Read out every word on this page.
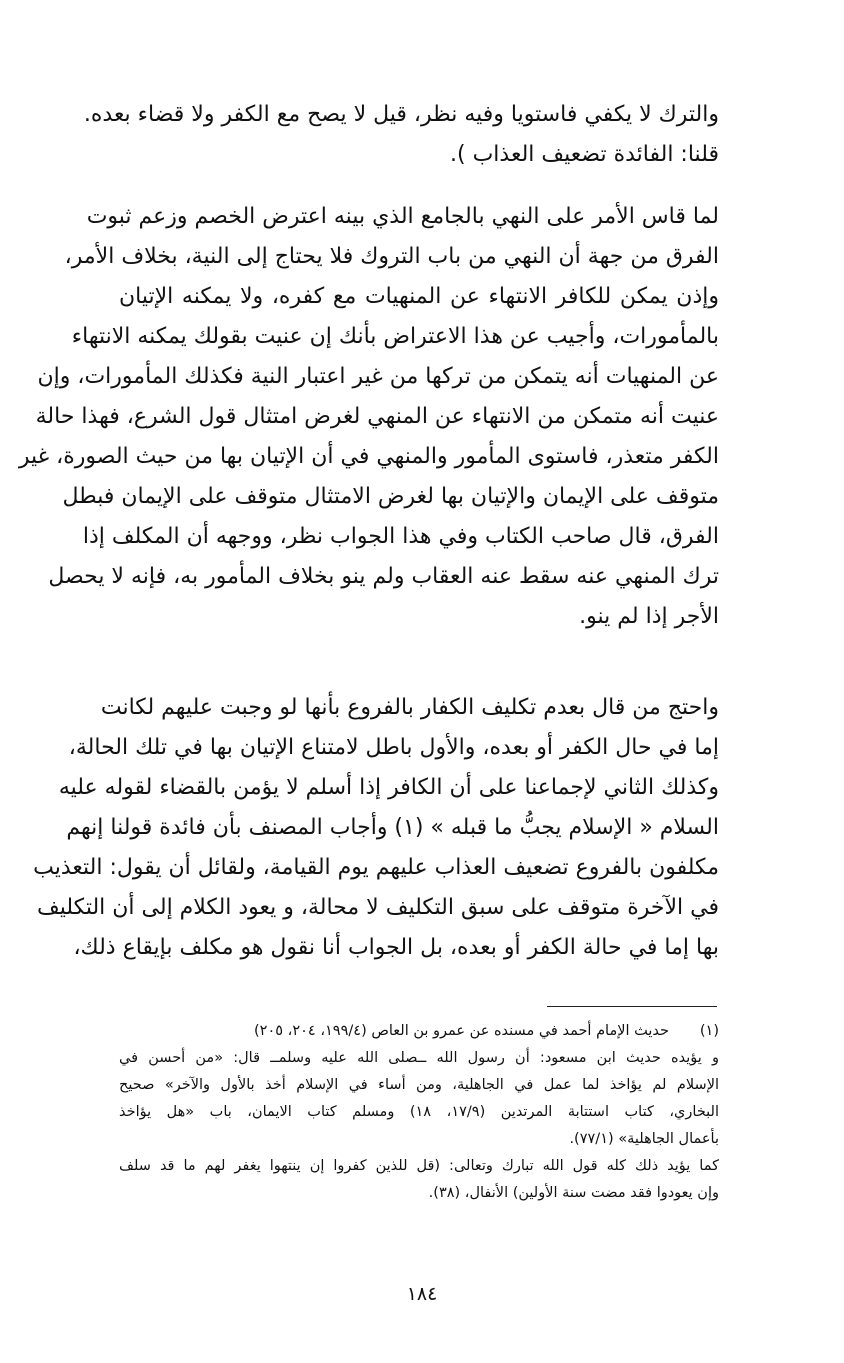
والترك لا يكفي فاستويا وفيه نظر، قيل لا يصح مع الكفر ولا قضاء بعده.
قلنا: الفائدة تضعيف العذاب ).
لما قاس الأمر على النهي بالجامع الذي بينه اعترض الخصم وزعم ثبوت
الفرق من جهة أن النهي من باب التروك فلا يحتاج إلى النية، بخلاف الأمر،
وإذن يمكن للكافر الانتهاء عن المنهيات مع كفره، ولا يمكنه الإتيان
بالمأمورات، وأجيب عن هذا الاعتراض بأنك إن عنيت بقولك يمكنه الانتهاء
عن المنهيات أنه يتمكن من تركها من غير اعتبار النية فكذلك المأمورات، وإن
عنيت أنه متمكن من الانتهاء عن المنهي لغرض امتثال قول الشرع، فهذا حالة
الكفر متعذر، فاستوى المأمور والمنهي في أن الإتيان بها من حيث الصورة، غير
متوقف على الإيمان والإتيان بها لغرض الامتثال متوقف على الإيمان فبطل
الفرق، قال صاحب الكتاب وفي هذا الجواب نظر، ووجهه أن المكلف إذا
ترك المنهي عنه سقط عنه العقاب ولم ينو بخلاف المأمور به، فإنه لا يحصل
الأجر إذا لم ينو.
واحتج من قال بعدم تكليف الكفار بالفروع بأنها لو وجبت عليهم لكانت
إما في حال الكفر أو بعده، والأول باطل لامتناع الإتيان بها في تلك الحالة،
وكذلك الثاني لإجماعنا على أن الكافر إذا أسلم لا يؤمن بالقضاء لقوله عليه
السلام « الإسلام يجبُّ ما قبله » (١) وأجاب المصنف بأن فائدة قولنا إنهم
مكلفون بالفروع تضعيف العذاب عليهم يوم القيامة، ولقائل أن يقول: التعذيب
في الآخرة متوقف على سبق التكليف لا محالة، و يعود الكلام إلى أن التكليف
بها إما في حالة الكفر أو بعده، بل الجواب أنا نقول هو مكلف بإيقاع ذلك،
(١)
حديث الإمام أحمد في مسنده عن عمرو بن العاص (١٩٩/٤، ٢٠٤، ٢٠٥)
و يؤيده حديث ابن مسعود: أن رسول الله ــصلى الله عليه وسلمــ قال: «من أحسن في
الإسلام لم يؤاخذ لما عمل في الجاهلية، ومن أساء في الإسلام أخذ بالأول والآخر» صحيح
البخاري، كتاب استتابة المرتدين (١٧/٩، ١٨) ومسلم كتاب الايمان، باب «هل يؤاخذ
بأعمال الجاهلية» (٧٧/١).
كما يؤيد ذلك كله قول الله تبارك وتعالى: (قل للذين كفروا إن ينتهوا يغفر لهم ما قد سلف
وإن يعودوا فقد مضت سنة الأولين) الأنفال، (٣٨).
١٨٤
